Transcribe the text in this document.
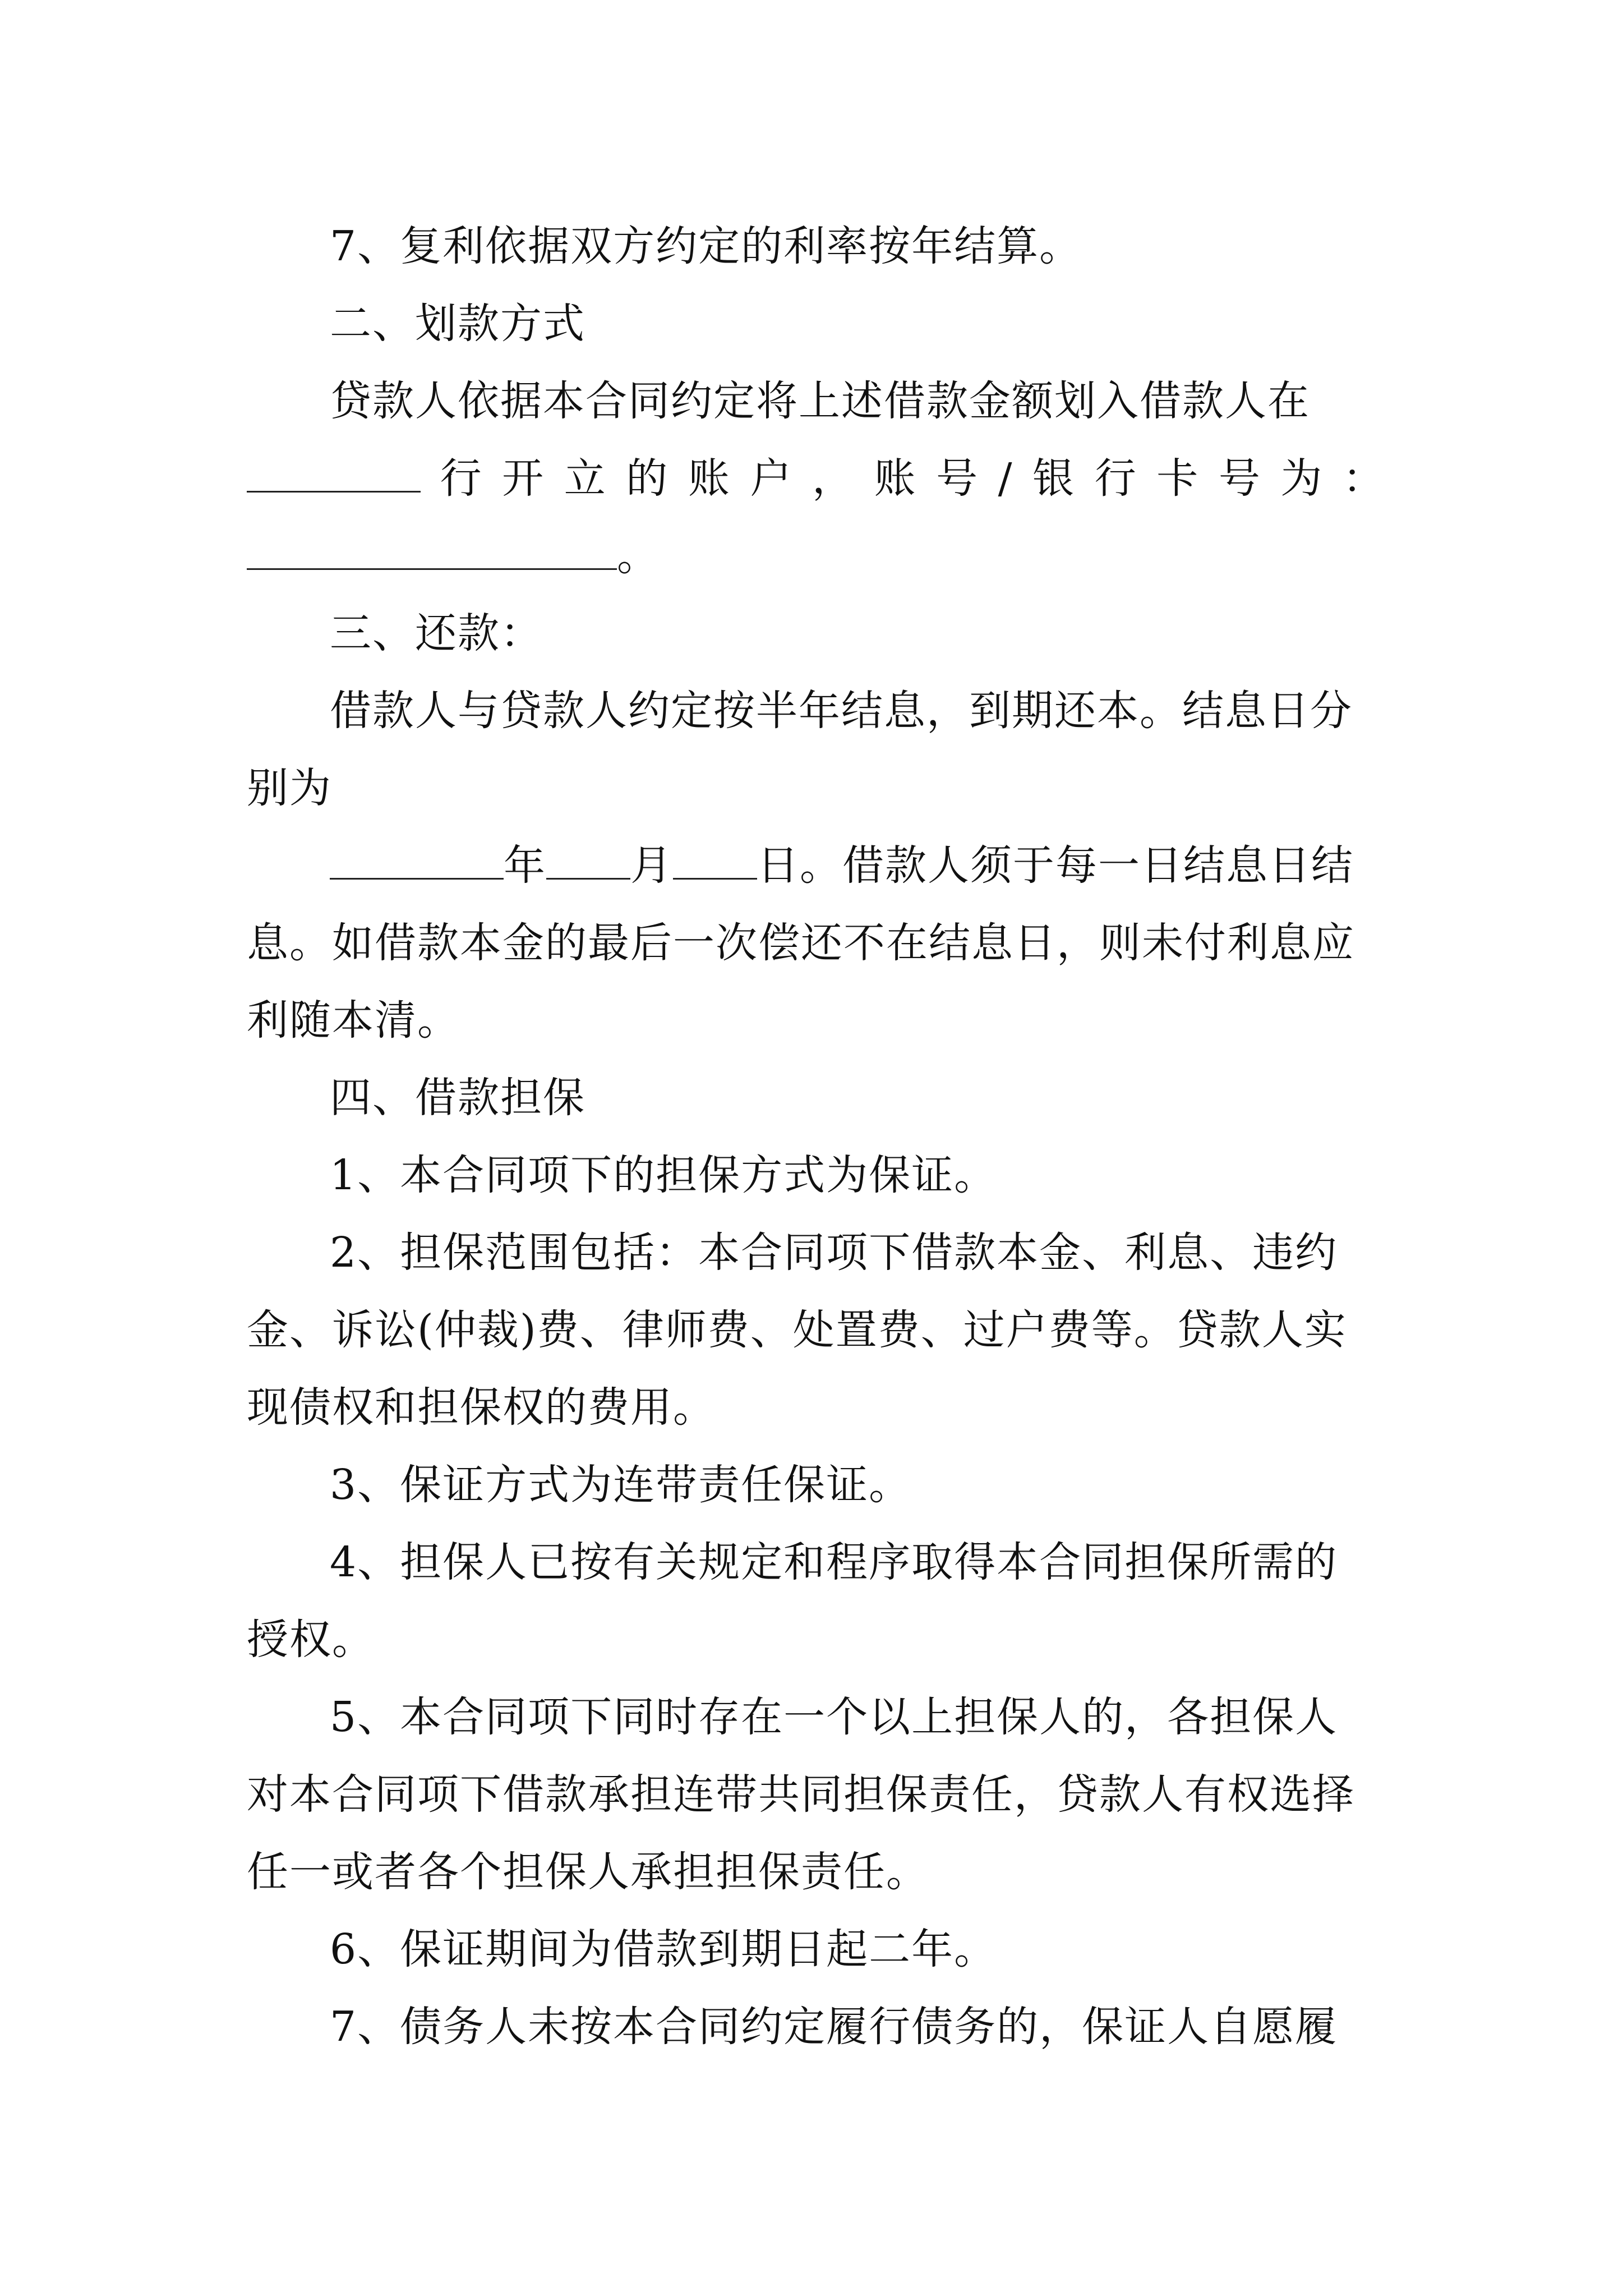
7、复利依据双方约定的利率按年结算。

二、划款方式

贷款人依据本合同约定将上述借款金额划入借款人在
行开立的账户，账号/银行卡号为：
。

三、还款：

借款人与贷款人约定按半年结息，到期还本。结息日分
别为

年 月 日。借款人须于每一日结息日结
息。如借款本金的最后一次偿还不在结息日，则未付利息应
利随本清。

四、借款担保

1、本合同项下的担保方式为保证。

2、担保范围包括：本合同项下借款本金、利息、违约
金、诉讼(仲裁)费、律师费、处置费、过户费等。贷款人实
现债权和担保权的费用。

3、保证方式为连带责任保证。

4、担保人已按有关规定和程序取得本合同担保所需的
授权。

5、本合同项下同时存在一个以上担保人的，各担保人
对本合同项下借款承担连带共同担保责任，贷款人有权选择
任一或者各个担保人承担担保责任。

6、保证期间为借款到期日起二年。

7、债务人未按本合同约定履行债务的，保证人自愿履
